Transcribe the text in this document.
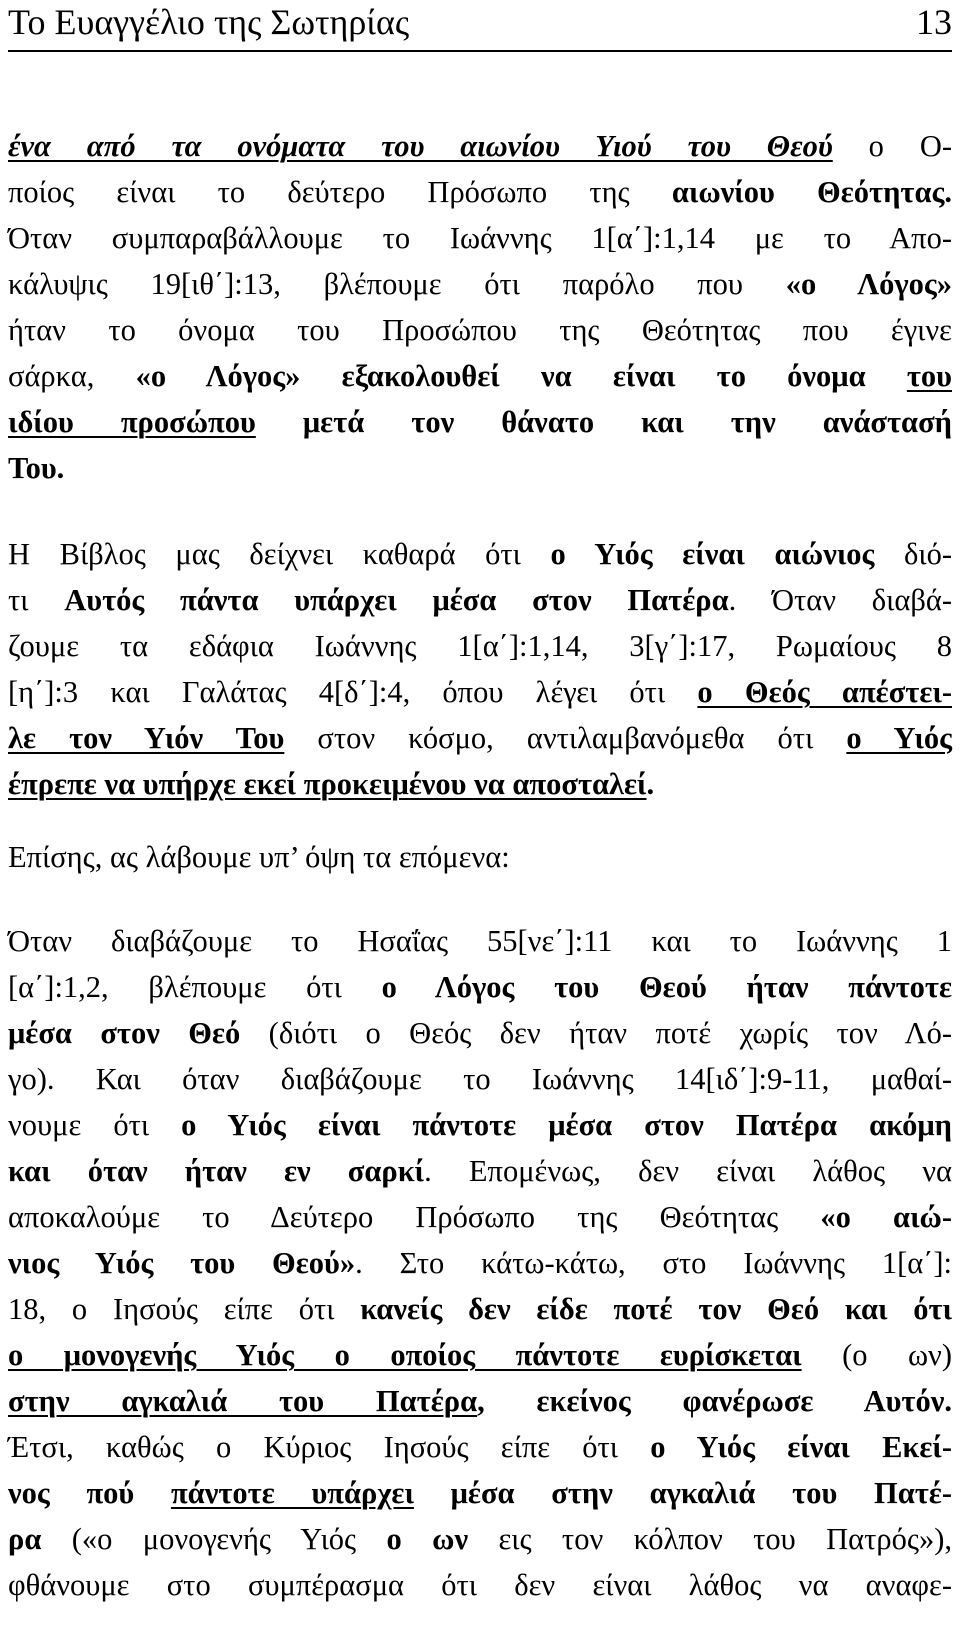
Το Ευαγγέλιο της Σωτηρίας	13
ένα από τα ονόματα του αιωνίου Υιού του Θεού ο Ο-
ποίος είναι το δεύτερο Πρόσωπο της αιωνίου Θεότητας.
Όταν συμπαραβάλλουμε το Ιωάννης 1[α΄]:1,14 με το Απο-
κάλυψις 19[ιθ΄]:13, βλέπουμε ότι παρόλο που «ο Λόγος»
ήταν το όνομα του Προσώπου της Θεότητας που έγινε
σάρκα, «ο Λόγος» εξακολουθεί να είναι το όνομα του
ιδίου προσώπου μετά τον θάνατο και την ανάστασή
Του.
Η Βίβλος μας δείχνει καθαρά ότι ο Υιός είναι αιώνιος διό-
τι Αυτός πάντα υπάρχει μέσα στον Πατέρα. Όταν διαβά-
ζουμε τα εδάφια Ιωάννης 1[α΄]:1,14, 3[γ΄]:17, Ρωμαίους 8
[η΄]:3 και Γαλάτας 4[δ΄]:4, όπου λέγει ότι ο Θεός απέστει-
λε τον Υιόν Του στον κόσμο, αντιλαμβανόμεθα ότι ο Υιός
έπρεπε να υπήρχε εκεί προκειμένου να αποσταλεί.
Επίσης, ας λάβουμε υπ’ όψη τα επόμενα:
Όταν διαβάζουμε το Ησαΐας 55[νε΄]:11 και το Ιωάννης 1
[α΄]:1,2, βλέπουμε ότι ο Λόγος του Θεού ήταν πάντοτε
μέσα στον Θεό (διότι ο Θεός δεν ήταν ποτέ χωρίς τον Λό-
γο). Και όταν διαβάζουμε το Ιωάννης 14[ιδ΄]:9-11, μαθαί-
νουμε ότι ο Υιός είναι πάντοτε μέσα στον Πατέρα ακόμη
και όταν ήταν εν σαρκί. Επομένως, δεν είναι λάθος να
αποκαλούμε το Δεύτερο Πρόσωπο της Θεότητας «ο αιώ-
νιος Υιός του Θεού». Στο κάτω-κάτω, στο Ιωάννης 1[α΄]:
18, ο Ιησούς είπε ότι κανείς δεν είδε ποτέ τον Θεό και ότι
ο μονογενής Υιός ο οποίος πάντοτε ευρίσκεται (ο ων)
στην αγκαλιά του Πατέρα, εκείνος φανέρωσε Αυτόν.
Έτσι, καθώς ο Κύριος Ιησούς είπε ότι ο Υιός είναι Εκεί-
νος πού πάντοτε υπάρχει μέσα στην αγκαλιά του Πατέ-
ρα («ο μονογενής Υιός ο ων εις τον κόλπον του Πατρός»),
φθάνουμε στο συμπέρασμα ότι δεν είναι λάθος να αναφε-
